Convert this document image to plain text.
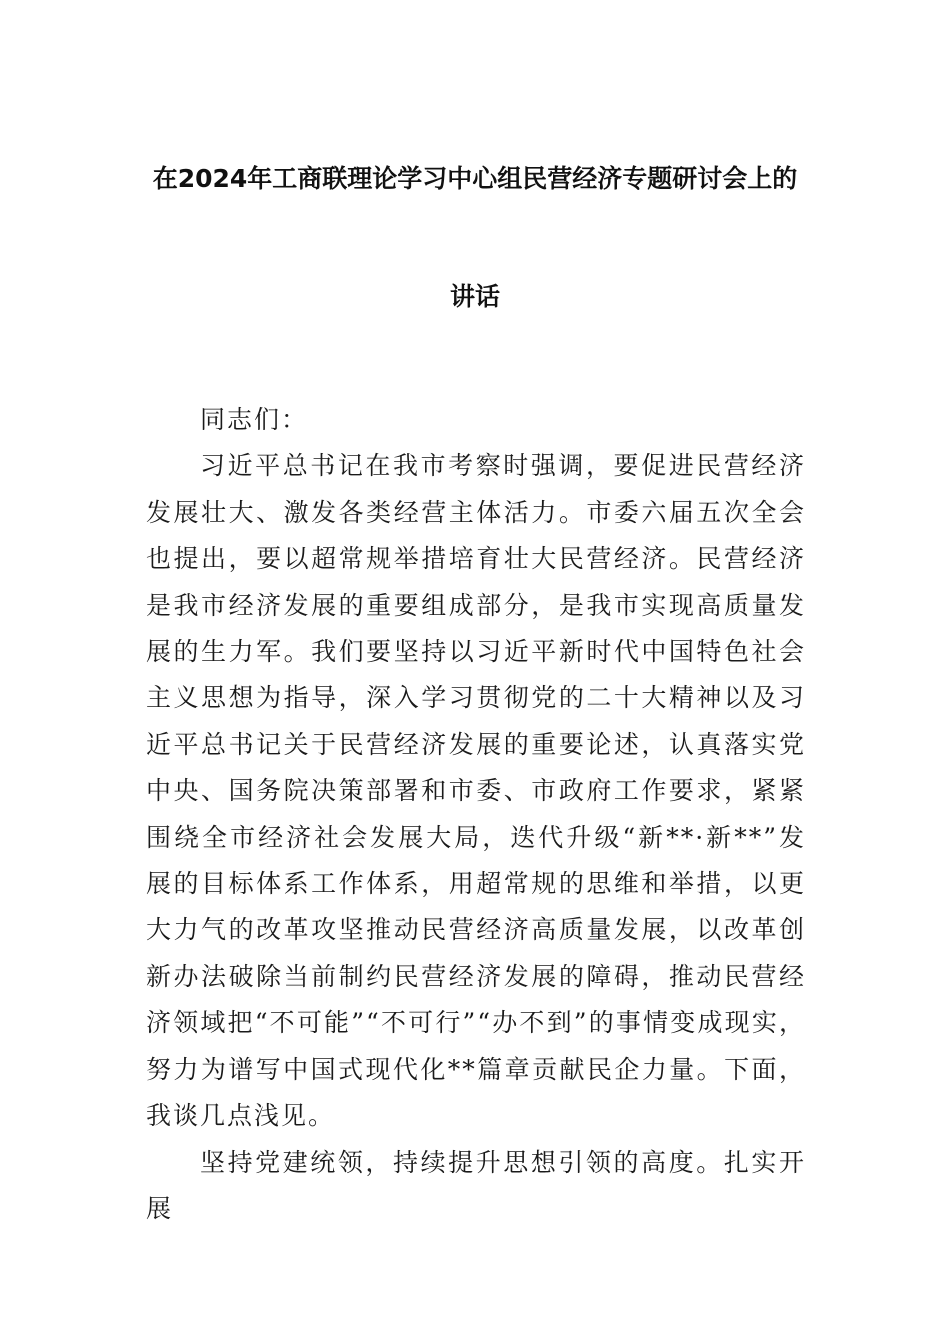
在2024年工商联理论学习中心组民营经济专题研讨会上的
讲话

同志们：

习近平总书记在我市考察时强调，要促进民营经济发展壮大、激发各类经营主体活力。市委六届五次全会也提出，要以超常规举措培育壮大民营经济。民营经济是我市经济发展的重要组成部分，是我市实现高质量发展的生力军。我们要坚持以习近平新时代中国特色社会主义思想为指导，深入学习贯彻党的二十大精神以及习近平总书记关于民营经济发展的重要论述，认真落实党中央、国务院决策部署和市委、市政府工作要求，紧紧围绕全市经济社会发展大局，迭代升级“新**·新**”发展的目标体系工作体系，用超常规的思维和举措，以更大力气的改革攻坚推动民营经济高质量发展，以改革创新办法破除当前制约民营经济发展的障碍，推动民营经济领域把“不可能”“不可行”“办不到”的事情变成现实，努力为谱写中国式现代化**篇章贡献民企力量。下面，我谈几点浅见。

坚持党建统领，持续提升思想引领的高度。扎实开展
